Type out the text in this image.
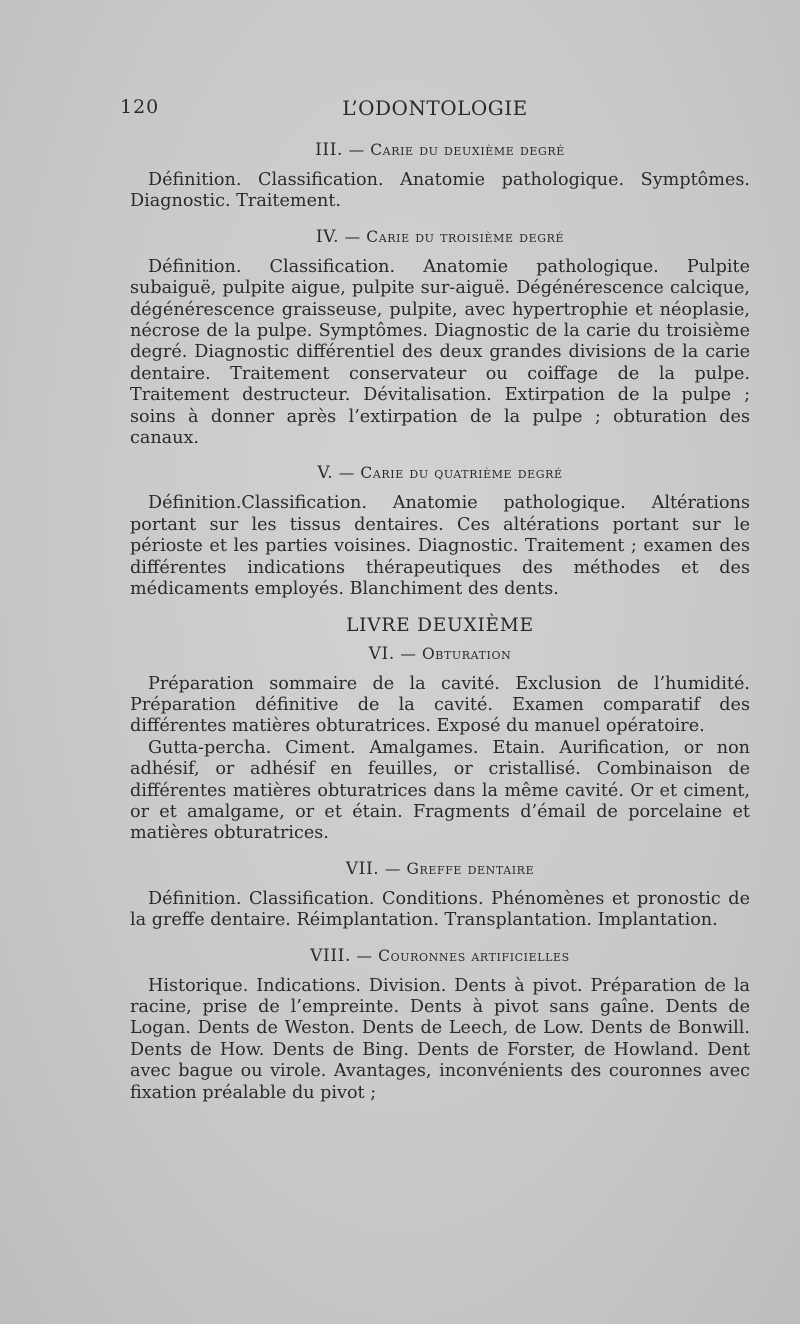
120	L’ODONTOLOGIE
III. — Carie du deuxième degré

Définition. Classification. Anatomie pathologique. Symptômes. Diagnostic. Traitement.

IV. — Carie du troisième degré

Définition. Classification. Anatomie pathologique. Pulpite subaiguë, pulpite aigue, pulpite sur-aiguë. Dégénérescence calcique, dégénérescence graisseuse, pulpite, avec hypertrophie et néoplasie, nécrose de la pulpe. Symptômes. Diagnostic de la carie du troisième degré. Diagnostic différentiel des deux grandes divisions de la carie dentaire. Traitement conservateur ou coiffage de la pulpe. Traitement destructeur. Dévitalisation. Extirpation de la pulpe ; soins à donner après l’extirpation de la pulpe ; obturation des canaux.

V. — Carie du quatrième degré

Définition.Classification. Anatomie pathologique. Altérations portant sur les tissus dentaires. Ces altérations portant sur le périoste et les parties voisines. Diagnostic. Traitement ; examen des différentes indications thérapeutiques des méthodes et des médicaments employés. Blanchiment des dents.

LIVRE DEUXIÈME
VI. — Obturation

Préparation sommaire de la cavité. Exclusion de l’humidité. Préparation définitive de la cavité. Examen comparatif des différentes matières obturatrices. Exposé du manuel opératoire.

Gutta-percha. Ciment. Amalgames. Etain. Aurification, or non adhésif, or adhésif en feuilles, or cristallisé. Combinaison de différentes matières obturatrices dans la même cavité. Or et ciment, or et amalgame, or et étain. Fragments d’émail de porcelaine et matières obturatrices.

VII. — Greffe dentaire

Définition. Classification. Conditions. Phénomènes et pronostic de la greffe dentaire. Réimplantation. Transplantation. Implantation.

VIII. — Couronnes artificielles

Historique. Indications. Division. Dents à pivot. Préparation de la racine, prise de l’empreinte. Dents à pivot sans gaîne. Dents de Logan. Dents de Weston. Dents de Leech, de Low. Dents de Bonwill. Dents de How. Dents de Bing. Dents de Forster, de Howland. Dent avec bague ou virole. Avantages, inconvénients des couronnes avec fixation préalable du pivot ;
